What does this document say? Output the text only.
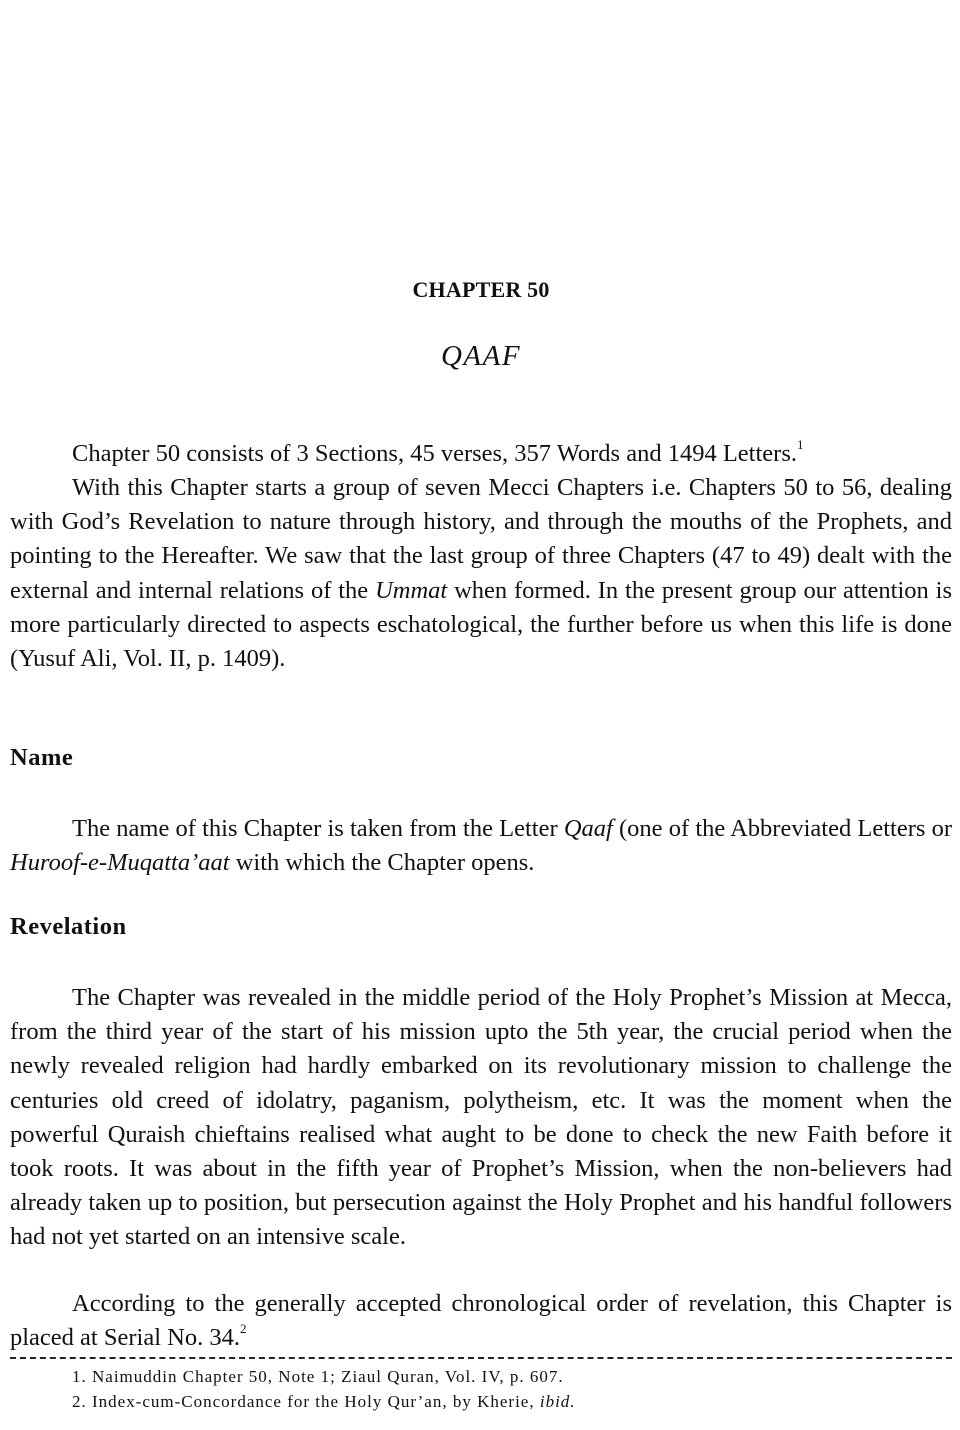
CHAPTER 50
QAAF

Chapter 50 consists of 3 Sections, 45 verses, 357 Words and 1494 Letters.$^1$

With this Chapter starts a group of seven Mecci Chapters i.e. Chapters 50 to 56, dealing with God’s Revelation to nature through history, and through the mouths of the Prophets, and pointing to the Hereafter. We saw that the last group of three Chapters (47 to 49) dealt with the external and internal relations of the Ummat when formed. In the present group our attention is more particularly directed to aspects eschatological, the further before us when this life is done (Yusuf Ali, Vol. II, p. 1409).

Name

The name of this Chapter is taken from the Letter Qaaf (one of the Abbreviated Letters or Huroof-e-Muqatta’aat with which the Chapter opens.

Revelation

The Chapter was revealed in the middle period of the Holy Prophet’s Mission at Mecca, from the third year of the start of his mission upto the 5th year, the crucial period when the newly revealed religion had hardly embarked on its revolutionary mission to challenge the centuries old creed of idolatry, paganism, polytheism, etc. It was the moment when the powerful Quraish chieftains realised what aught to be done to check the new Faith before it took roots. It was about in the fifth year of Prophet’s Mission, when the non-believers had already taken up to position, but persecution against the Holy Prophet and his handful followers had not yet started on an intensive scale.

According to the generally accepted chronological order of revelation, this Chapter is placed at Serial No. 34.$^2$

1. Naimuddin Chapter 50, Note 1; Ziaul Quran, Vol. IV, p. 607.
2. Index-cum-Concordance for the Holy Qur’an, by Kherie, ibid.
